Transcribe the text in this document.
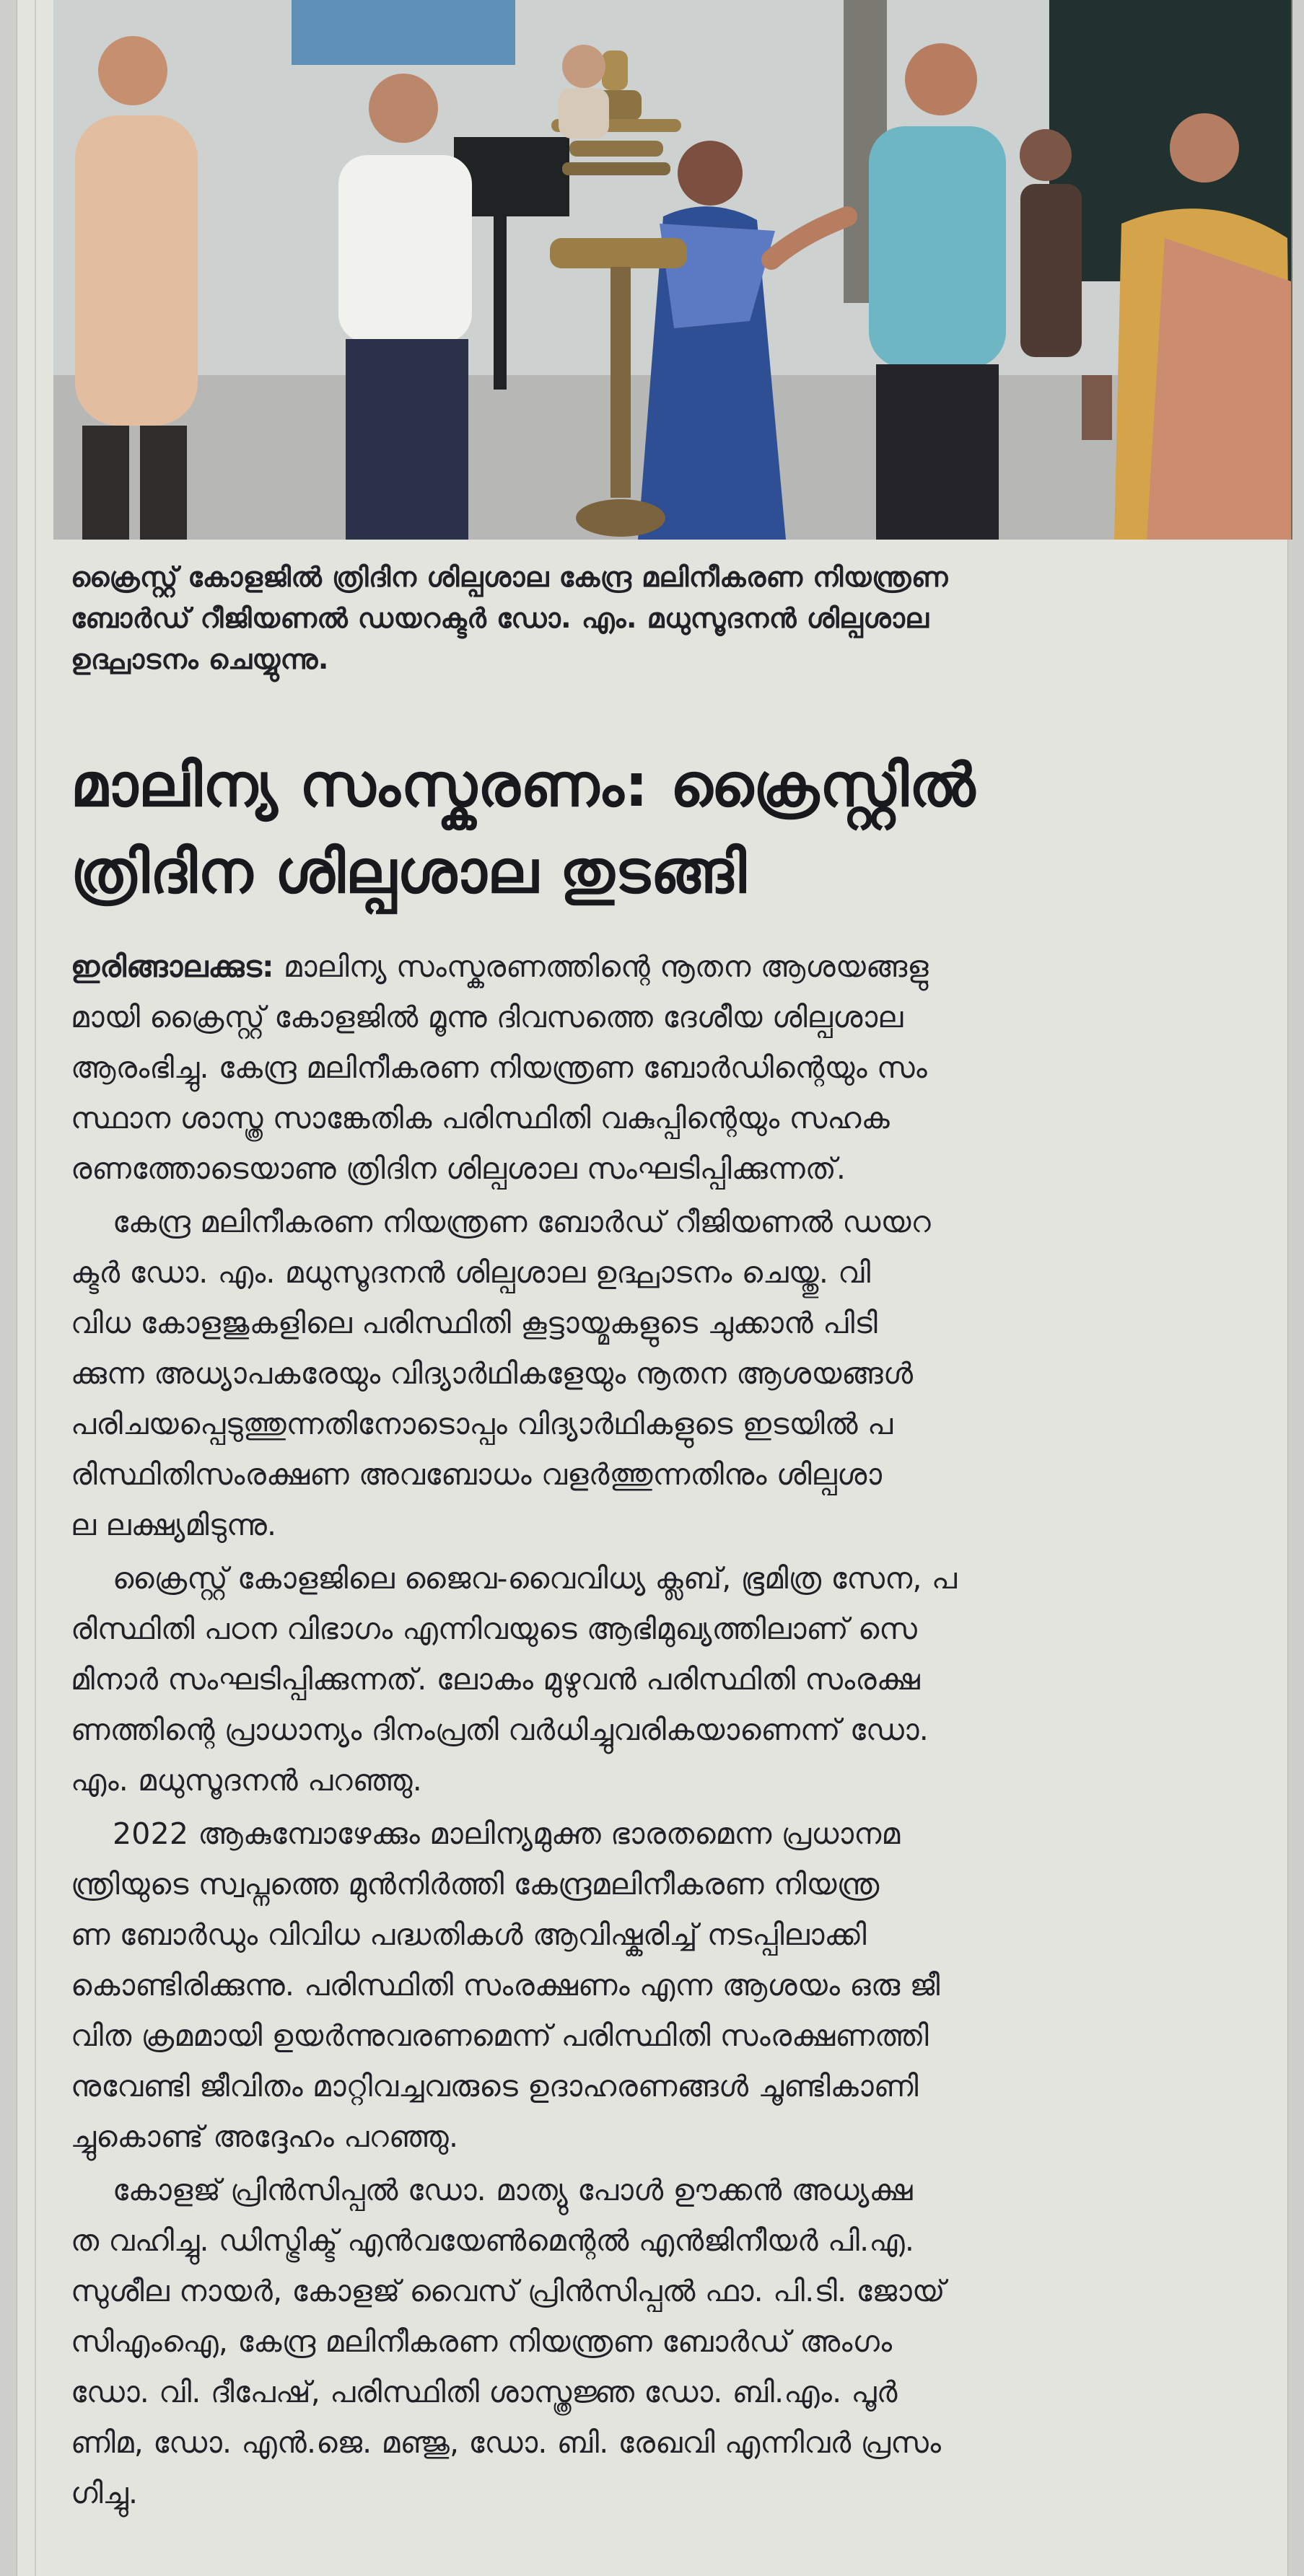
ക്രൈസ്റ്റ് കോളജിൽ ത്രിദിന ശില്പശാല കേന്ദ്ര മലിനീകരണ നിയന്ത്രണ
ബോർഡ് റീജിയണൽ ഡയറക്ടർ ഡോ. എം. മധുസൂദനൻ ശില്പശാല
ഉദ്ഘാടനം ചെയ്യുന്നു.
മാലിന്യ സംസ്കരണം: ക്രൈസ്റ്റിൽ
ത്രിദിന ശില്പശാല തുടങ്ങി

ഇരിങ്ങാലക്കുട: മാലിന്യ സംസ്കരണത്തിന്റെ നൂതന ആശയങ്ങളു
മായി ക്രൈസ്റ്റ് കോളജിൽ മൂന്നു ദിവസത്തെ ദേശീയ ശില്പശാല
ആരംഭിച്ചു. കേന്ദ്ര മലിനീകരണ നിയന്ത്രണ ബോർഡിന്റെയും സം
സ്ഥാന ശാസ്ത്ര സാങ്കേതിക പരിസ്ഥിതി വകുപ്പിന്റെയും സഹക
രണത്തോടെയാണു ത്രിദിന ശില്പശാല സംഘടിപ്പിക്കുന്നത്.

കേന്ദ്ര മലിനീകരണ നിയന്ത്രണ ബോർഡ് റീജിയണൽ ഡയറ
ക്ടർ ഡോ. എം. മധുസൂദനൻ ശില്പശാല ഉദ്ഘാടനം ചെയ്തു. വി
വിധ കോളജുകളിലെ പരിസ്ഥിതി കൂട്ടായ്മകളുടെ ചുക്കാൻ പിടി
ക്കുന്ന അധ്യാപകരേയും വിദ്യാർഥികളേയും നൂതന ആശയങ്ങൾ
പരിചയപ്പെടുത്തുന്നതിനോടൊപ്പം വിദ്യാർഥികളുടെ ഇടയിൽ പ
രിസ്ഥിതിസംരക്ഷണ അവബോധം വളർത്തുന്നതിനും ശില്പശാ
ല ലക്ഷ്യമിടുന്നു.

ക്രൈസ്റ്റ് കോളജിലെ ജൈവ-വൈവിധ്യ ക്ലബ്, ഭൂമിത്ര സേന, പ
രിസ്ഥിതി പഠന വിഭാഗം എന്നിവയുടെ ആഭിമുഖ്യത്തിലാണ് സെ
മിനാർ സംഘടിപ്പിക്കുന്നത്. ലോകം മുഴുവൻ പരിസ്ഥിതി സംരക്ഷ
ണത്തിന്റെ പ്രാധാന്യം ദിനംപ്രതി വർധിച്ചുവരികയാണെന്ന് ഡോ.
എം. മധുസൂദനൻ പറഞ്ഞു.

2022 ആകുമ്പോഴേക്കും മാലിന്യമുക്ത ഭാരതമെന്ന പ്രധാനമ
ന്ത്രിയുടെ സ്വപ്നത്തെ മുൻനിർത്തി കേന്ദ്രമലിനീകരണ നിയന്ത്ര
ണ ബോർഡും വിവിധ പദ്ധതികൾ ആവിഷ്കരിച്ച് നടപ്പിലാക്കി
കൊണ്ടിരിക്കുന്നു. പരിസ്ഥിതി സംരക്ഷണം എന്ന ആശയം ഒരു ജീ
വിത ക്രമമായി ഉയർന്നുവരണമെന്ന് പരിസ്ഥിതി സംരക്ഷണത്തി
നുവേണ്ടി ജീവിതം മാറ്റിവച്ചവരുടെ ഉദാഹരണങ്ങൾ ചൂണ്ടികാണി
ച്ചുകൊണ്ട് അദ്ദേഹം പറഞ്ഞു.

കോളജ് പ്രിൻസിപ്പൽ ഡോ. മാത്യു പോൾ ഊക്കൻ അധ്യക്ഷ
ത വഹിച്ചു. ഡിസ്ട്രിക്ട് എൻവയേൺമെന്റൽ എൻജിനീയർ പി.എ.
സുശീല നായർ, കോളജ് വൈസ് പ്രിൻസിപ്പൽ ഫാ. പി.ടി. ജോയ്
സിഎംഐ, കേന്ദ്ര മലിനീകരണ നിയന്ത്രണ ബോർഡ് അംഗം
ഡോ. വി. ദീപേഷ്, പരിസ്ഥിതി ശാസ്ത്രജ്ഞ ഡോ. ബി.എം. പൂർ
ണിമ, ഡോ. എൻ.ജെ. മഞ്ജു, ഡോ. ബി. രേഖവി എന്നിവർ പ്രസം
ഗിച്ചു.
